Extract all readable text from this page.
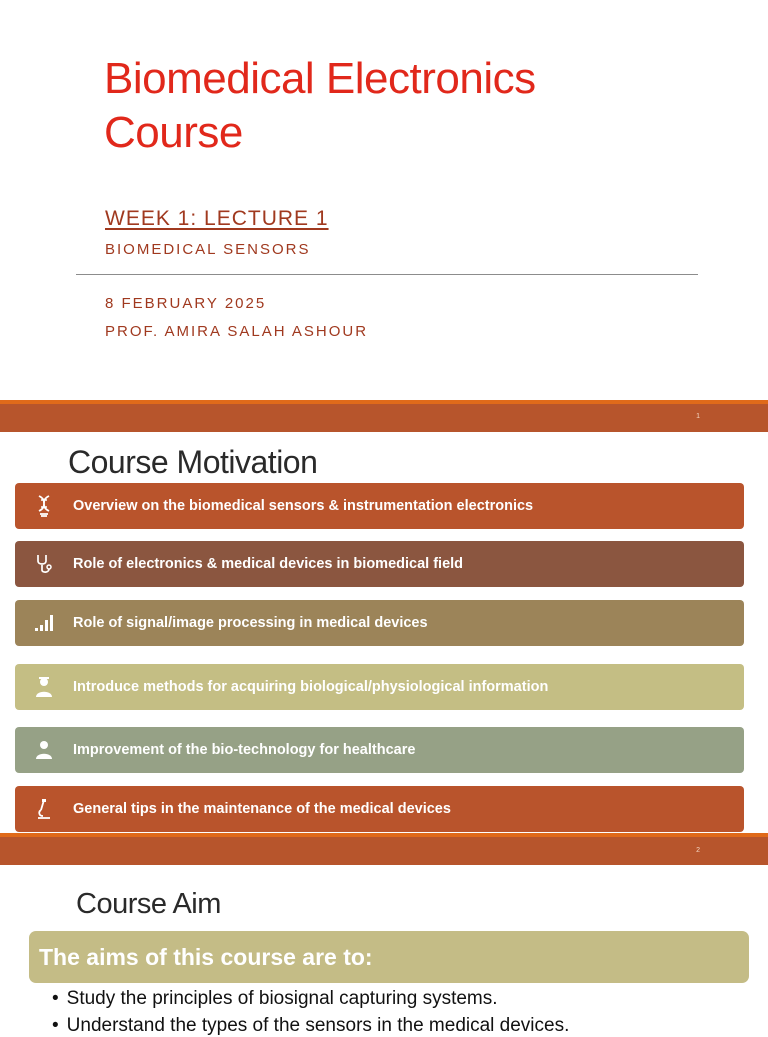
Biomedical Electronics
Course
WEEK 1: LECTURE 1
BIOMEDICAL SENSORS
8 FEBRUARY 2025
PROF. AMIRA SALAH ASHOUR
1
Course Motivation
Overview on the biomedical sensors & instrumentation electronics
Role of electronics & medical devices in biomedical field
Role of signal/image processing in medical devices
Introduce methods for acquiring biological/physiological information
Improvement of the bio-technology for healthcare
General tips in the maintenance of the medical devices
2
Course Aim
The aims of this course are to:
• Study the principles of biosignal capturing systems.
• Understand the types of the sensors in the medical devices.
